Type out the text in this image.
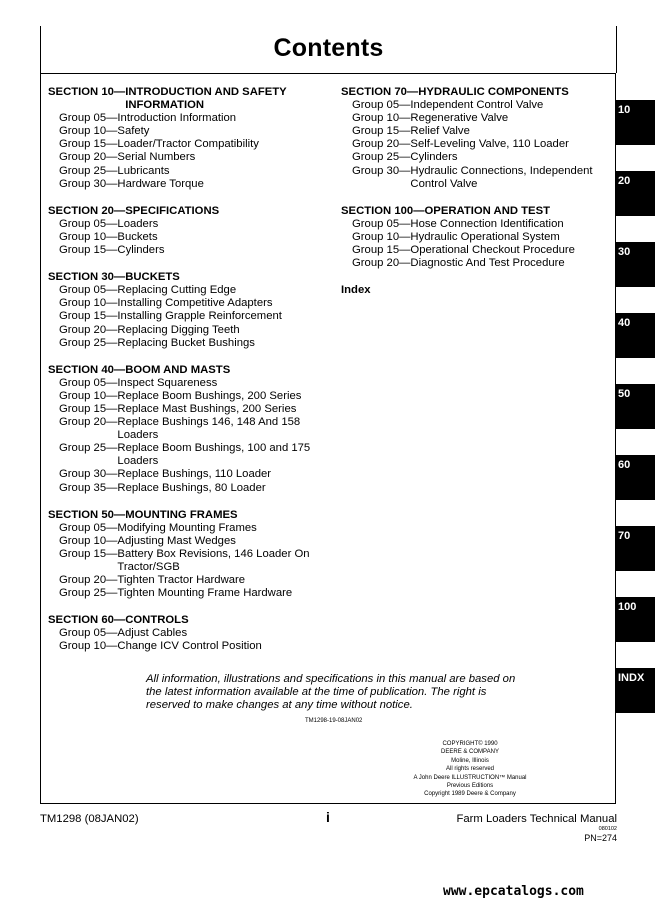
Contents
SECTION 10— INTRODUCTION AND SAFETY INFORMATION
Group 05— Introduction Information
Group 10— Safety
Group 15— Loader/Tractor Compatibility
Group 20— Serial Numbers
Group 25— Lubricants
Group 30— Hardware Torque
SECTION 20— SPECIFICATIONS
Group 05— Loaders
Group 10— Buckets
Group 15— Cylinders
SECTION 30— BUCKETS
Group 05— Replacing Cutting Edge
Group 10— Installing Competitive Adapters
Group 15— Installing Grapple Reinforcement
Group 20— Replacing Digging Teeth
Group 25— Replacing Bucket Bushings
SECTION 40— BOOM AND MASTS
Group 05— Inspect Squareness
Group 10— Replace Boom Bushings, 200 Series
Group 15— Replace Mast Bushings, 200 Series
Group 20— Replace Bushings 146, 148 And 158 Loaders
Group 25— Replace Boom Bushings, 100 and 175 Loaders
Group 30— Replace Bushings, 110 Loader
Group 35— Replace Bushings, 80 Loader
SECTION 50— MOUNTING FRAMES
Group 05— Modifying Mounting Frames
Group 10— Adjusting Mast Wedges
Group 15— Battery Box Revisions, 146 Loader On Tractor/SGB
Group 20— Tighten Tractor Hardware
Group 25— Tighten Mounting Frame Hardware
SECTION 60— CONTROLS
Group 05— Adjust Cables
Group 10— Change ICV Control Position
SECTION 70— HYDRAULIC COMPONENTS
Group 05— Independent Control Valve
Group 10— Regenerative Valve
Group 15— Relief Valve
Group 20— Self-Leveling Valve, 110 Loader
Group 25— Cylinders
Group 30— Hydraulic Connections, Independent Control Valve
SECTION 100— OPERATION AND TEST
Group 05— Hose Connection Identification
Group 10— Hydraulic Operational System
Group 15— Operational Checkout Procedure
Group 20— Diagnostic And Test Procedure
Index
All information, illustrations and specifications in this manual are based on the latest information available at the time of publication. The right is reserved to make changes at any time without notice.
TM1298-19-08JAN02
COPYRIGHT© 1990
DEERE & COMPANY
Moline, Illinois
All rights reserved
A John Deere ILLUSTRUCTION™ Manual
Previous Editions
Copyright 1989 Deere & Company
TM1298 (08JAN02)	i	Farm Loaders Technical Manual
080102
PN=274
10
20
30
40
50
60
70
100
INDX
www.epcatalogs.com
